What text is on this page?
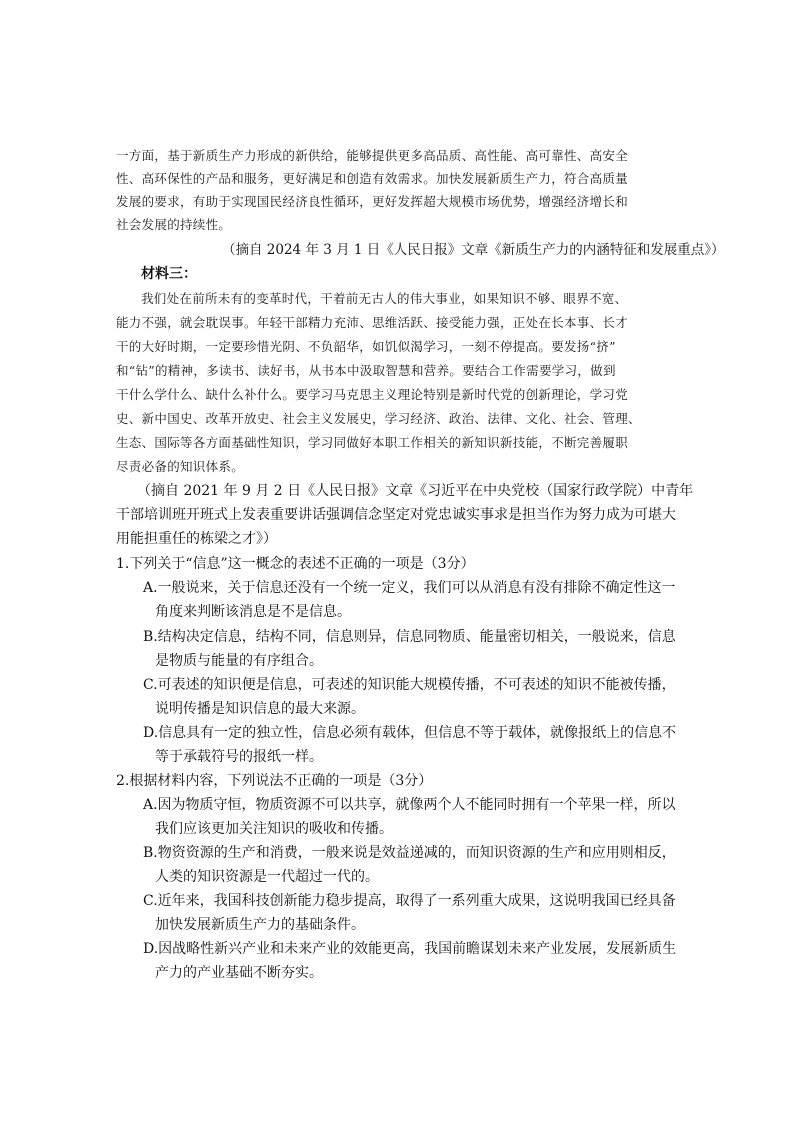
一方面，基于新质生产力形成的新供给，能够提供更多高品质、高性能、高可靠性、高安全
性、高环保性的产品和服务，更好满足和创造有效需求。加快发展新质生产力，符合高质量
发展的要求，有助于实现国民经济良性循环，更好发挥超大规模市场优势，增强经济增长和
社会发展的持续性。
（摘自 2024 年 3 月 1 日《人民日报》文章《新质生产力的内涵特征和发展重点》）
材料三：
我们处在前所未有的变革时代，干着前无古人的伟大事业，如果知识不够、眼界不宽、
能力不强，就会耽误事。年轻干部精力充沛、思维活跃、接受能力强，正处在长本事、长才
干的大好时期，一定要珍惜光阴、不负韶华，如饥似渴学习，一刻不停提高。要发扬“挤”
和“钻”的精神，多读书、读好书，从书本中汲取智慧和营养。要结合工作需要学习，做到
干什么学什么、缺什么补什么。要学习马克思主义理论特别是新时代党的创新理论，学习党
史、新中国史、改革开放史、社会主义发展史，学习经济、政治、法律、文化、社会、管理、
生态、国际等各方面基础性知识，学习同做好本职工作相关的新知识新技能，不断完善履职
尽责必备的知识体系。
（摘自 2021 年 9 月 2 日《人民日报》文章《习近平在中央党校（国家行政学院）中青年
干部培训班开班式上发表重要讲话强调信念坚定对党忠诚实事求是担当作为努力成为可堪大
用能担重任的栋梁之才》）
1.下列关于“信息”这一概念的表述不正确的一项是（3分）
A.一般说来，关于信息还没有一个统一定义，我们可以从消息有没有排除不确定性这一
角度来判断该消息是不是信息。
B.结构决定信息，结构不同，信息则异，信息同物质、能量密切相关，一般说来，信息
是物质与能量的有序组合。
C.可表述的知识便是信息，可表述的知识能大规模传播，不可表述的知识不能被传播，
说明传播是知识信息的最大来源。
D.信息具有一定的独立性，信息必须有载体，但信息不等于载体，就像报纸上的信息不
等于承载符号的报纸一样。
2.根据材料内容，下列说法不正确的一项是（3分）
A.因为物质守恒，物质资源不可以共享，就像两个人不能同时拥有一个苹果一样，所以
我们应该更加关注知识的吸收和传播。
B.物资资源的生产和消费，一般来说是效益递减的，而知识资源的生产和应用则相反，
人类的知识资源是一代超过一代的。
C.近年来，我国科技创新能力稳步提高，取得了一系列重大成果，这说明我国已经具备
加快发展新质生产力的基础条件。
D.因战略性新兴产业和未来产业的效能更高，我国前瞻谋划未来产业发展，发展新质生
产力的产业基础不断夯实。
